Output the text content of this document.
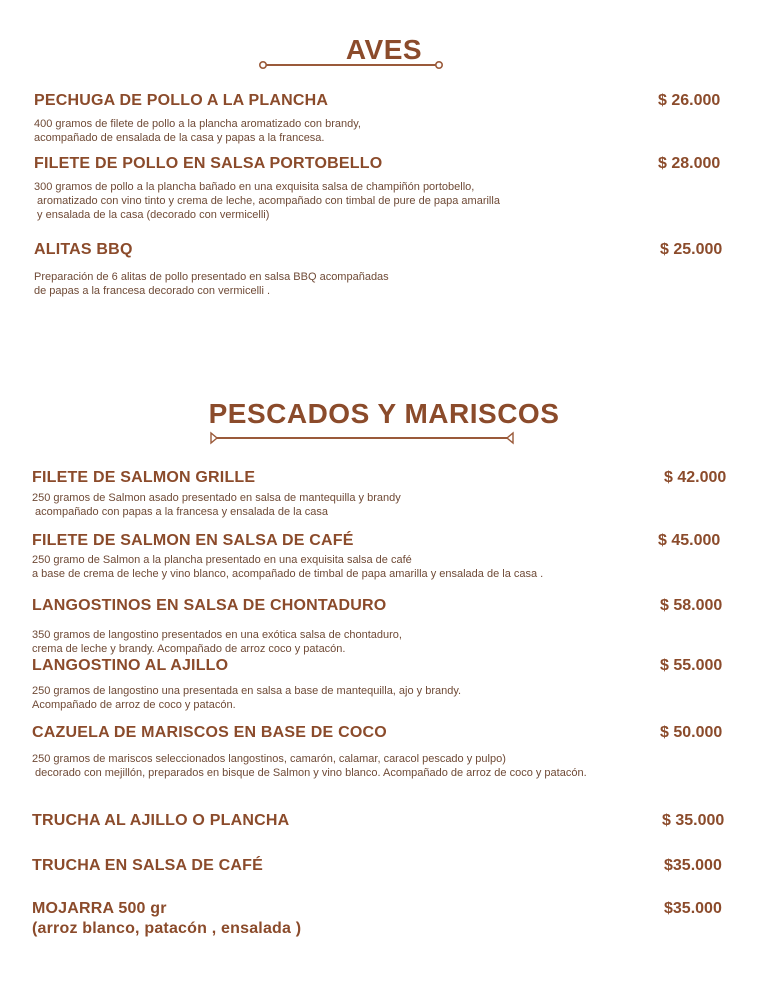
AVES
PECHUGA DE POLLO A LA PLANCHA	$ 26.000
400 gramos de filete de pollo a la plancha aromatizado con brandy,
acompañado de ensalada de la casa y papas a la francesa.
FILETE DE POLLO EN SALSA PORTOBELLO	$ 28.000
300 gramos de pollo a la plancha bañado en una exquisita salsa de champiñón portobello,
aromatizado con vino tinto y crema de leche, acompañado con timbal de pure de papa amarilla
y ensalada de la casa (decorado con vermicelli)
ALITAS BBQ	$ 25.000
Preparación de 6 alitas de pollo presentado en salsa BBQ acompañadas
de papas a la francesa decorado con vermicelli .
PESCADOS Y MARISCOS
FILETE DE SALMON GRILLE	$ 42.000
250 gramos de Salmon asado presentado en salsa de mantequilla y brandy
acompañado con papas a la francesa y ensalada de la casa
FILETE DE SALMON EN SALSA DE CAFÉ	$ 45.000
250 gramo de Salmon a la plancha presentado en una exquisita salsa de café
a base de crema de leche y vino blanco, acompañado de timbal de papa amarilla y ensalada de la casa .
LANGOSTINOS EN SALSA DE CHONTADURO	$ 58.000
350 gramos de langostino presentados en una exótica salsa de chontaduro,
crema de leche y brandy. Acompañado de arroz coco y patacón.
LANGOSTINO AL AJILLO	$ 55.000
250 gramos de langostino una presentada en salsa a base de mantequilla, ajo y brandy.
Acompañado de arroz de coco y patacón.
CAZUELA DE MARISCOS EN BASE DE COCO	$ 50.000
250 gramos de mariscos seleccionados langostinos, camarón, calamar, caracol pescado y pulpo)
decorado con mejillón, preparados en bisque de Salmon y vino blanco. Acompañado de arroz de coco y patacón.
TRUCHA AL AJILLO O PLANCHA	$ 35.000
TRUCHA EN SALSA DE CAFÉ	$35.000
MOJARRA 500 gr	$35.000
(arroz blanco, patacón , ensalada )
